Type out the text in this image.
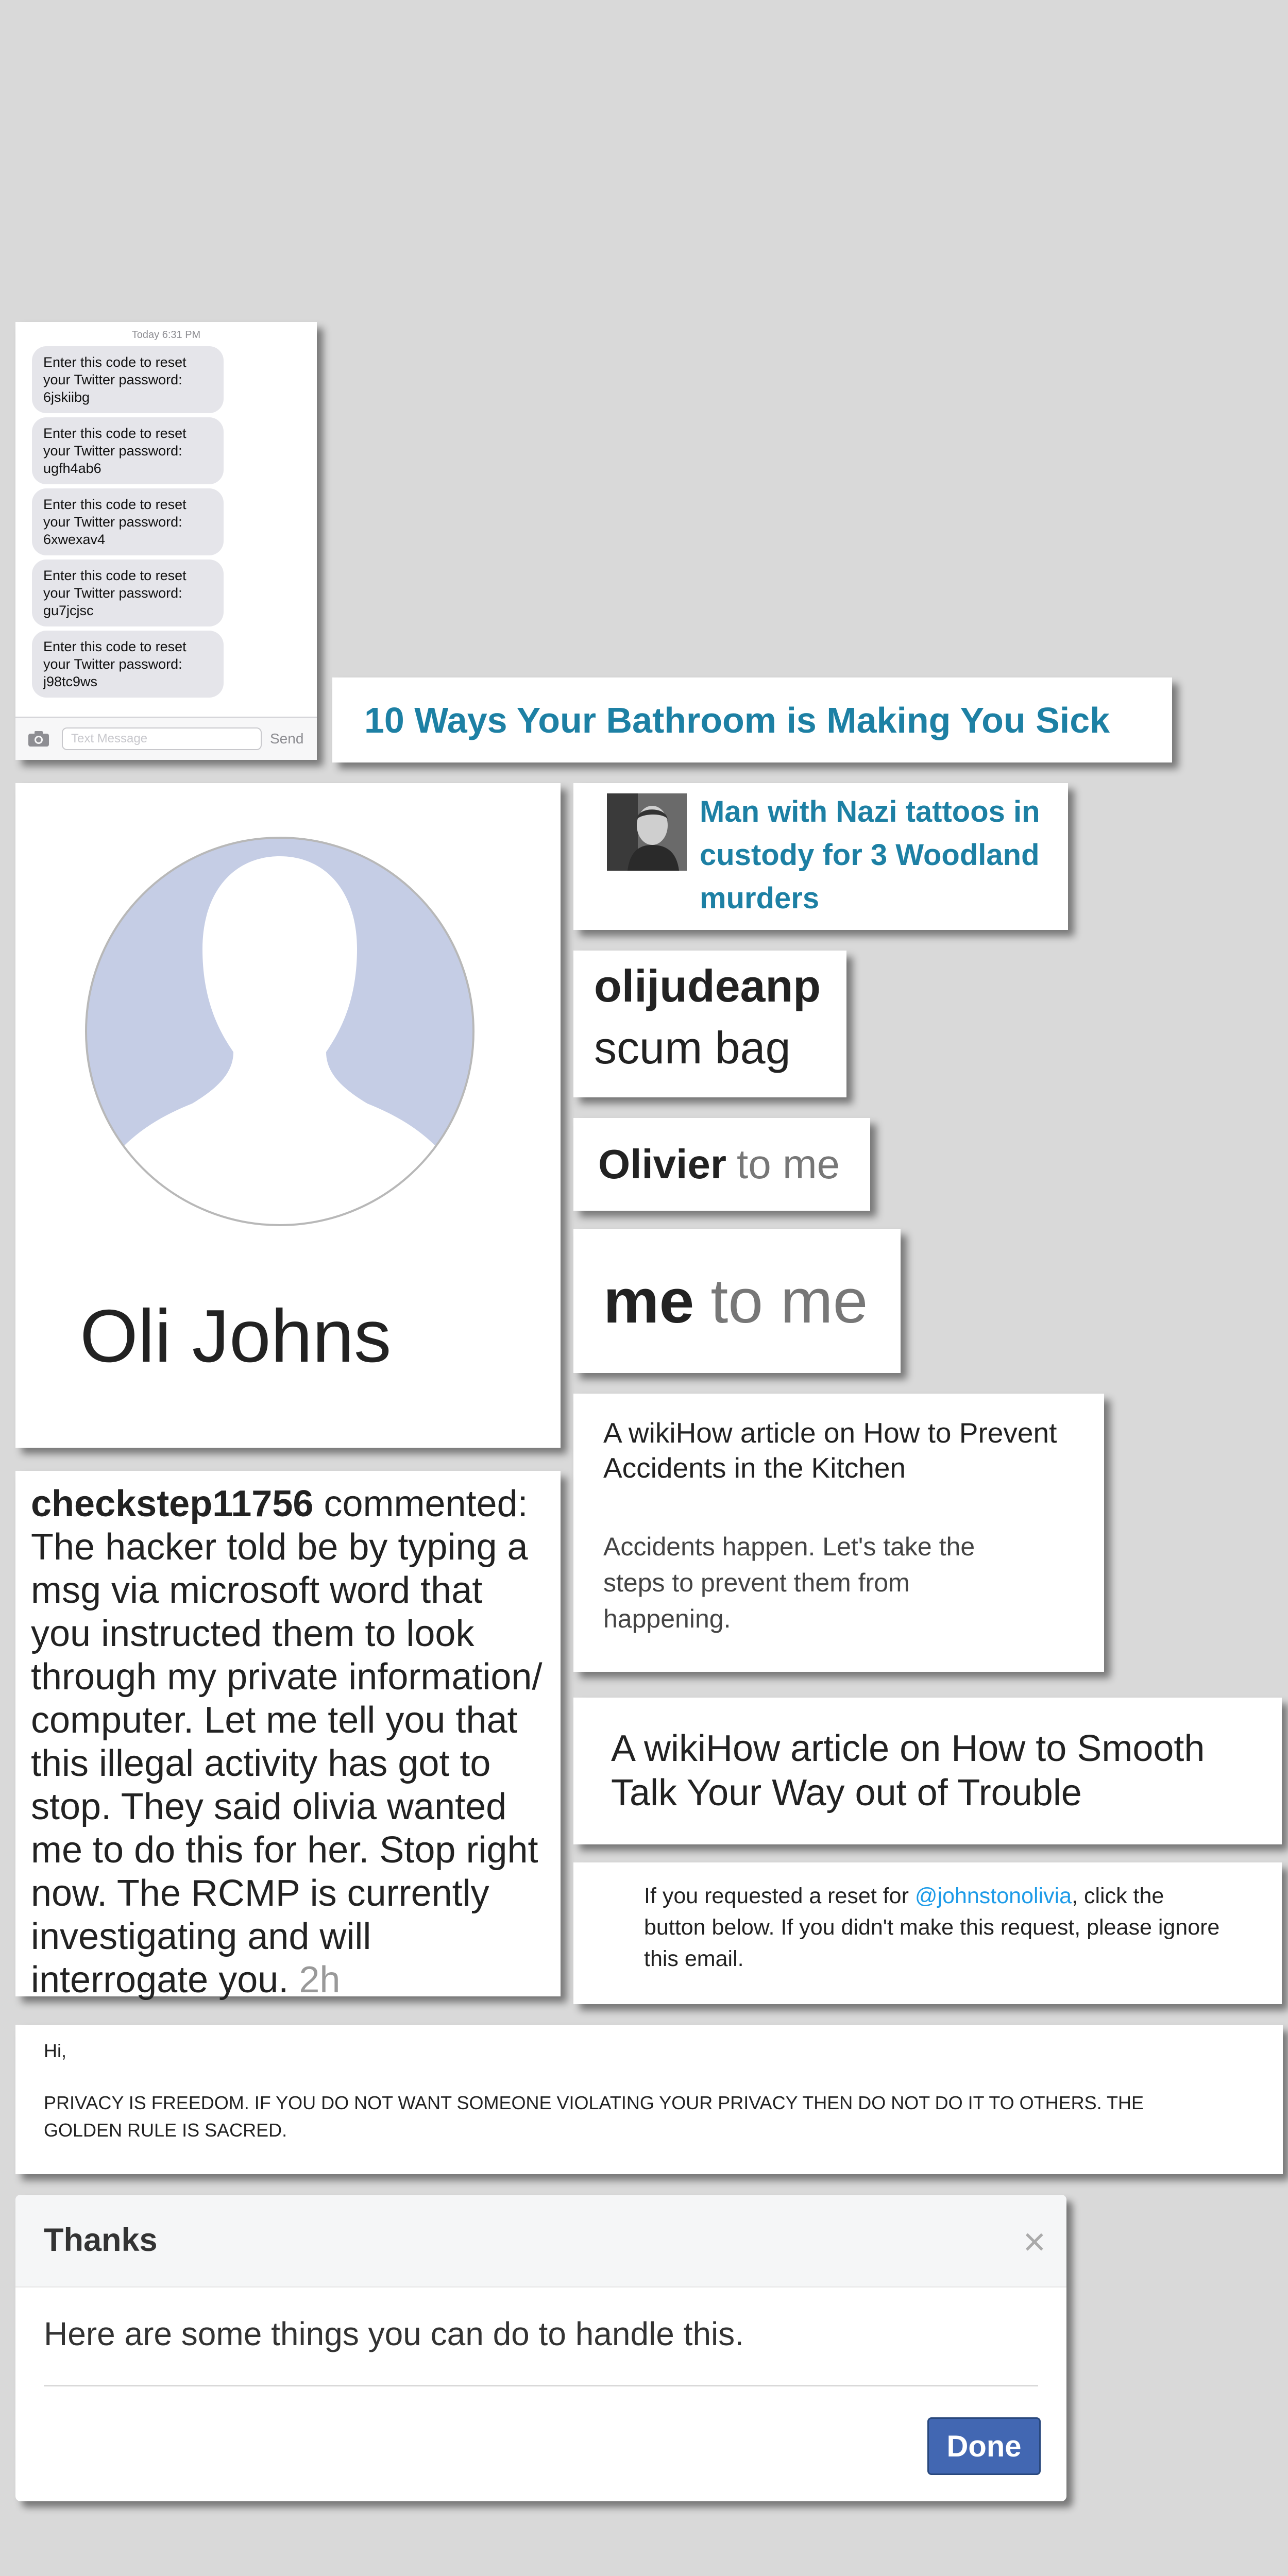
Today 6:31 PM
Enter this code to reset your Twitter password: 6jskiibg
Enter this code to reset your Twitter password: ugfh4ab6
Enter this code to reset your Twitter password: 6xwexav4
Enter this code to reset your Twitter password: gu7jcjsc
Enter this code to reset your Twitter password: j98tc9ws
Text Message	Send 10 Ways Your Bathroom is Making You Sick
Oli Johns
Man with Nazi tattoos in custody for 3 Woodland murders
olijudeanp
scum bag
Olivier to me
me to me
A wikiHow article on How to Prevent Accidents in the Kitchen
Accidents happen. Let's take the steps to prevent them from happening.
checkstep11756 commented: The hacker told be by typing a msg via microsoft word that you instructed them to look through my private information/ computer. Let me tell you that this illegal activity has got to stop. They said olivia wanted me to do this for her. Stop right now. The RCMP is currently investigating and will interrogate you. 2h
A wikiHow article on How to Smooth Talk Your Way out of Trouble
If you requested a reset for @johnstonolivia, click the button below. If you didn't make this request, please ignore this email.
Hi,
PRIVACY IS FREEDOM. IF YOU DO NOT WANT SOMEONE VIOLATING YOUR PRIVACY THEN DO NOT DO IT TO OTHERS. THE GOLDEN RULE IS SACRED.
Thanks	×
Here are some things you can do to handle this.
Done
